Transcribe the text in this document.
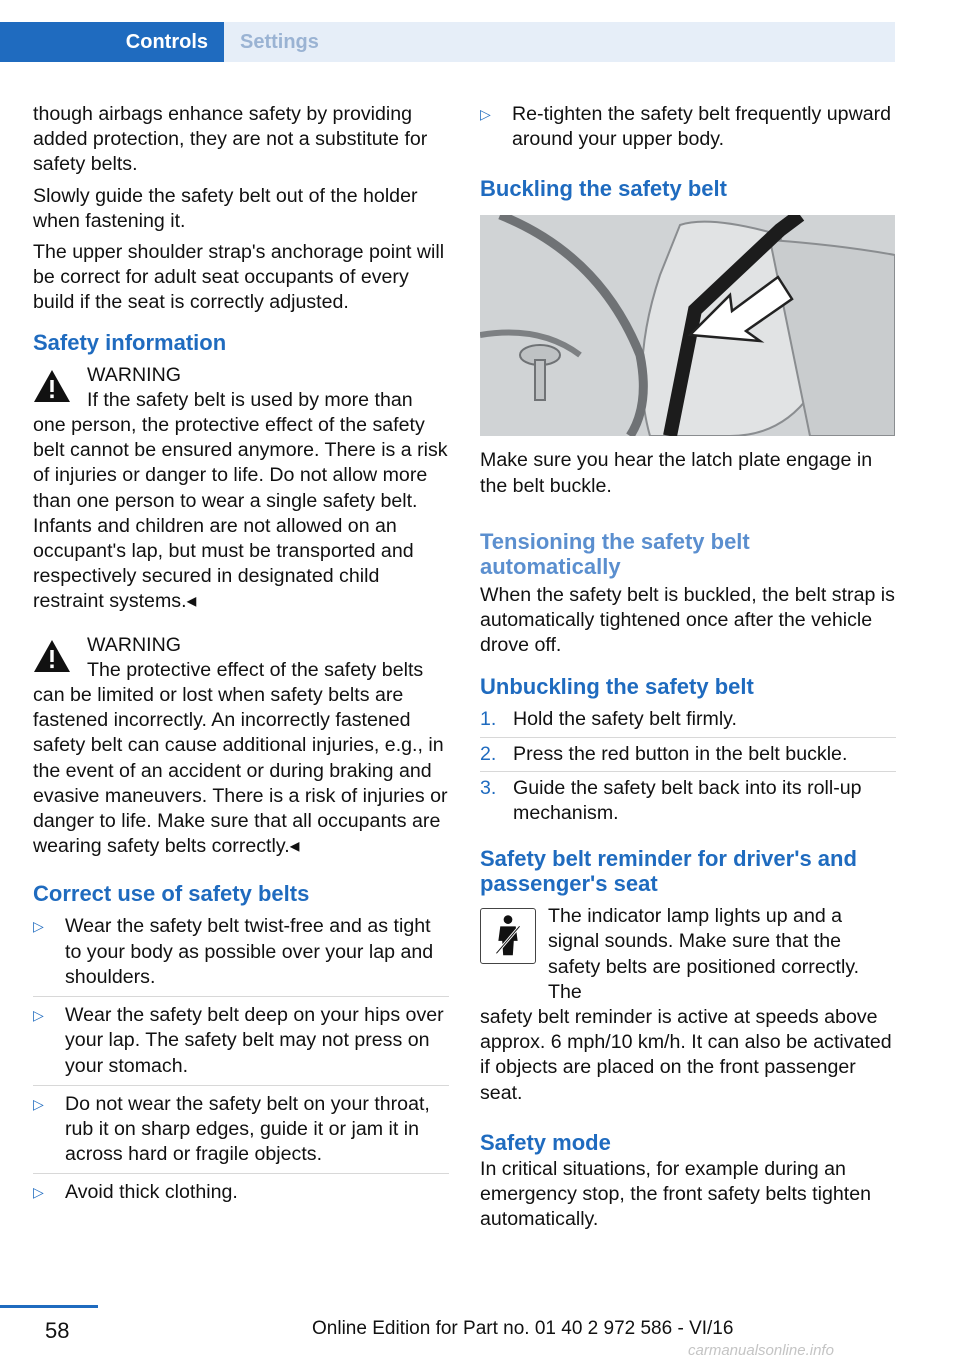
Controls	Settings

though airbags enhance safety by providing added protection, they are not a substitute for safety belts.

Slowly guide the safety belt out of the holder when fastening it.

The upper shoulder strap's anchorage point will be correct for adult seat occupants of every build if the seat is correctly adjusted.

Safety information
WARNING
If the safety belt is used by more than
one person, the protective effect of the safety belt cannot be ensured anymore. There is a risk of injuries or danger to life. Do not allow more than one person to wear a single safety belt. Infants and children are not allowed on an occupant's lap, but must be transported and respectively secured in designated child restraint systems.◂
WARNING
The protective effect of the safety belts
can be limited or lost when safety belts are fastened incorrectly. An incorrectly fastened safety belt can cause additional injuries, e.g., in the event of an accident or during braking and evasive maneuvers. There is a risk of injuries or danger to life. Make sure that all occupants are wearing safety belts correctly.◂
Correct use of safety belts
▷ Wear the safety belt twist-free and as tight to your body as possible over your lap and shoulders.
▷ Wear the safety belt deep on your hips over your lap. The safety belt may not press on your stomach.
▷ Do not wear the safety belt on your throat, rub it on sharp edges, guide it or jam it in across hard or fragile objects.
▷ Avoid thick clothing.
▷ Re-tighten the safety belt frequently upward around your upper body.
Buckling the safety belt

Make sure you hear the latch plate engage in the belt buckle.

Tensioning the safety belt automatically

When the safety belt is buckled, the belt strap is automatically tightened once after the vehicle drove off.

Unbuckling the safety belt
1. Hold the safety belt firmly.
2. Press the red button in the belt buckle.
3. Guide the safety belt back into its roll-up mechanism.
Safety belt reminder for driver's and passenger's seat
The indicator lamp lights up and a signal sounds. Make sure that the safety belts are positioned correctly. The
safety belt reminder is active at speeds above approx. 6 mph/10 km/h. It can also be activated if objects are placed on the front passenger seat.
Safety mode

In critical situations, for example during an emergency stop, the front safety belts tighten automatically.

58	Online Edition for Part no. 01 40 2 972 586 - VI/16
carmanualsonline.info
